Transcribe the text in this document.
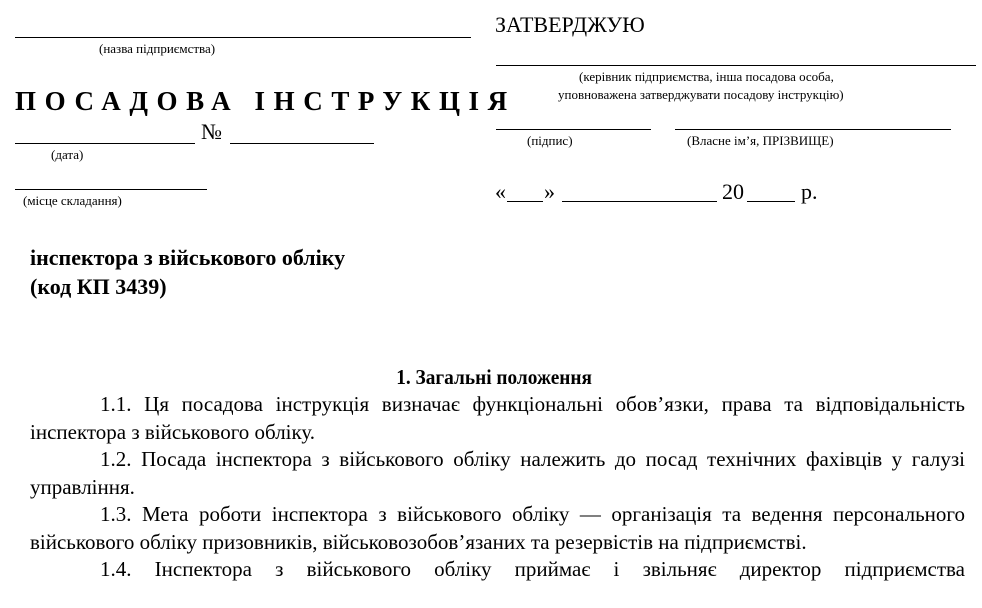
(назва підприємства)
ПОСАДОВА ІНСТРУКЦІЯ
№
(дата)
(місце складання)
ЗАТВЕРДЖУЮ
(керівник підприємства, інша посадова особа,
уповноважена затверджувати посадову інструкцію)
(підпис)	(Власне ім’я, ПРІЗВИЩЕ)
« »	20	р.
інспектора з військового обліку
(код КП 3439)
1. Загальні положення

1.1. Ця посадова інструкція визначає функціональні обов’язки, права та відповідальність інспектора з військового обліку.

1.2. Посада інспектора з військового обліку належить до посад технічних фахівців у галузі управління.

1.3. Мета роботи інспектора з військового обліку — організація та ведення персонального військового обліку призовників, військовозобов’язаних та резервістів на підприємстві.

1.4. Інспектора з військового обліку приймає і звільняє директор підприємства
